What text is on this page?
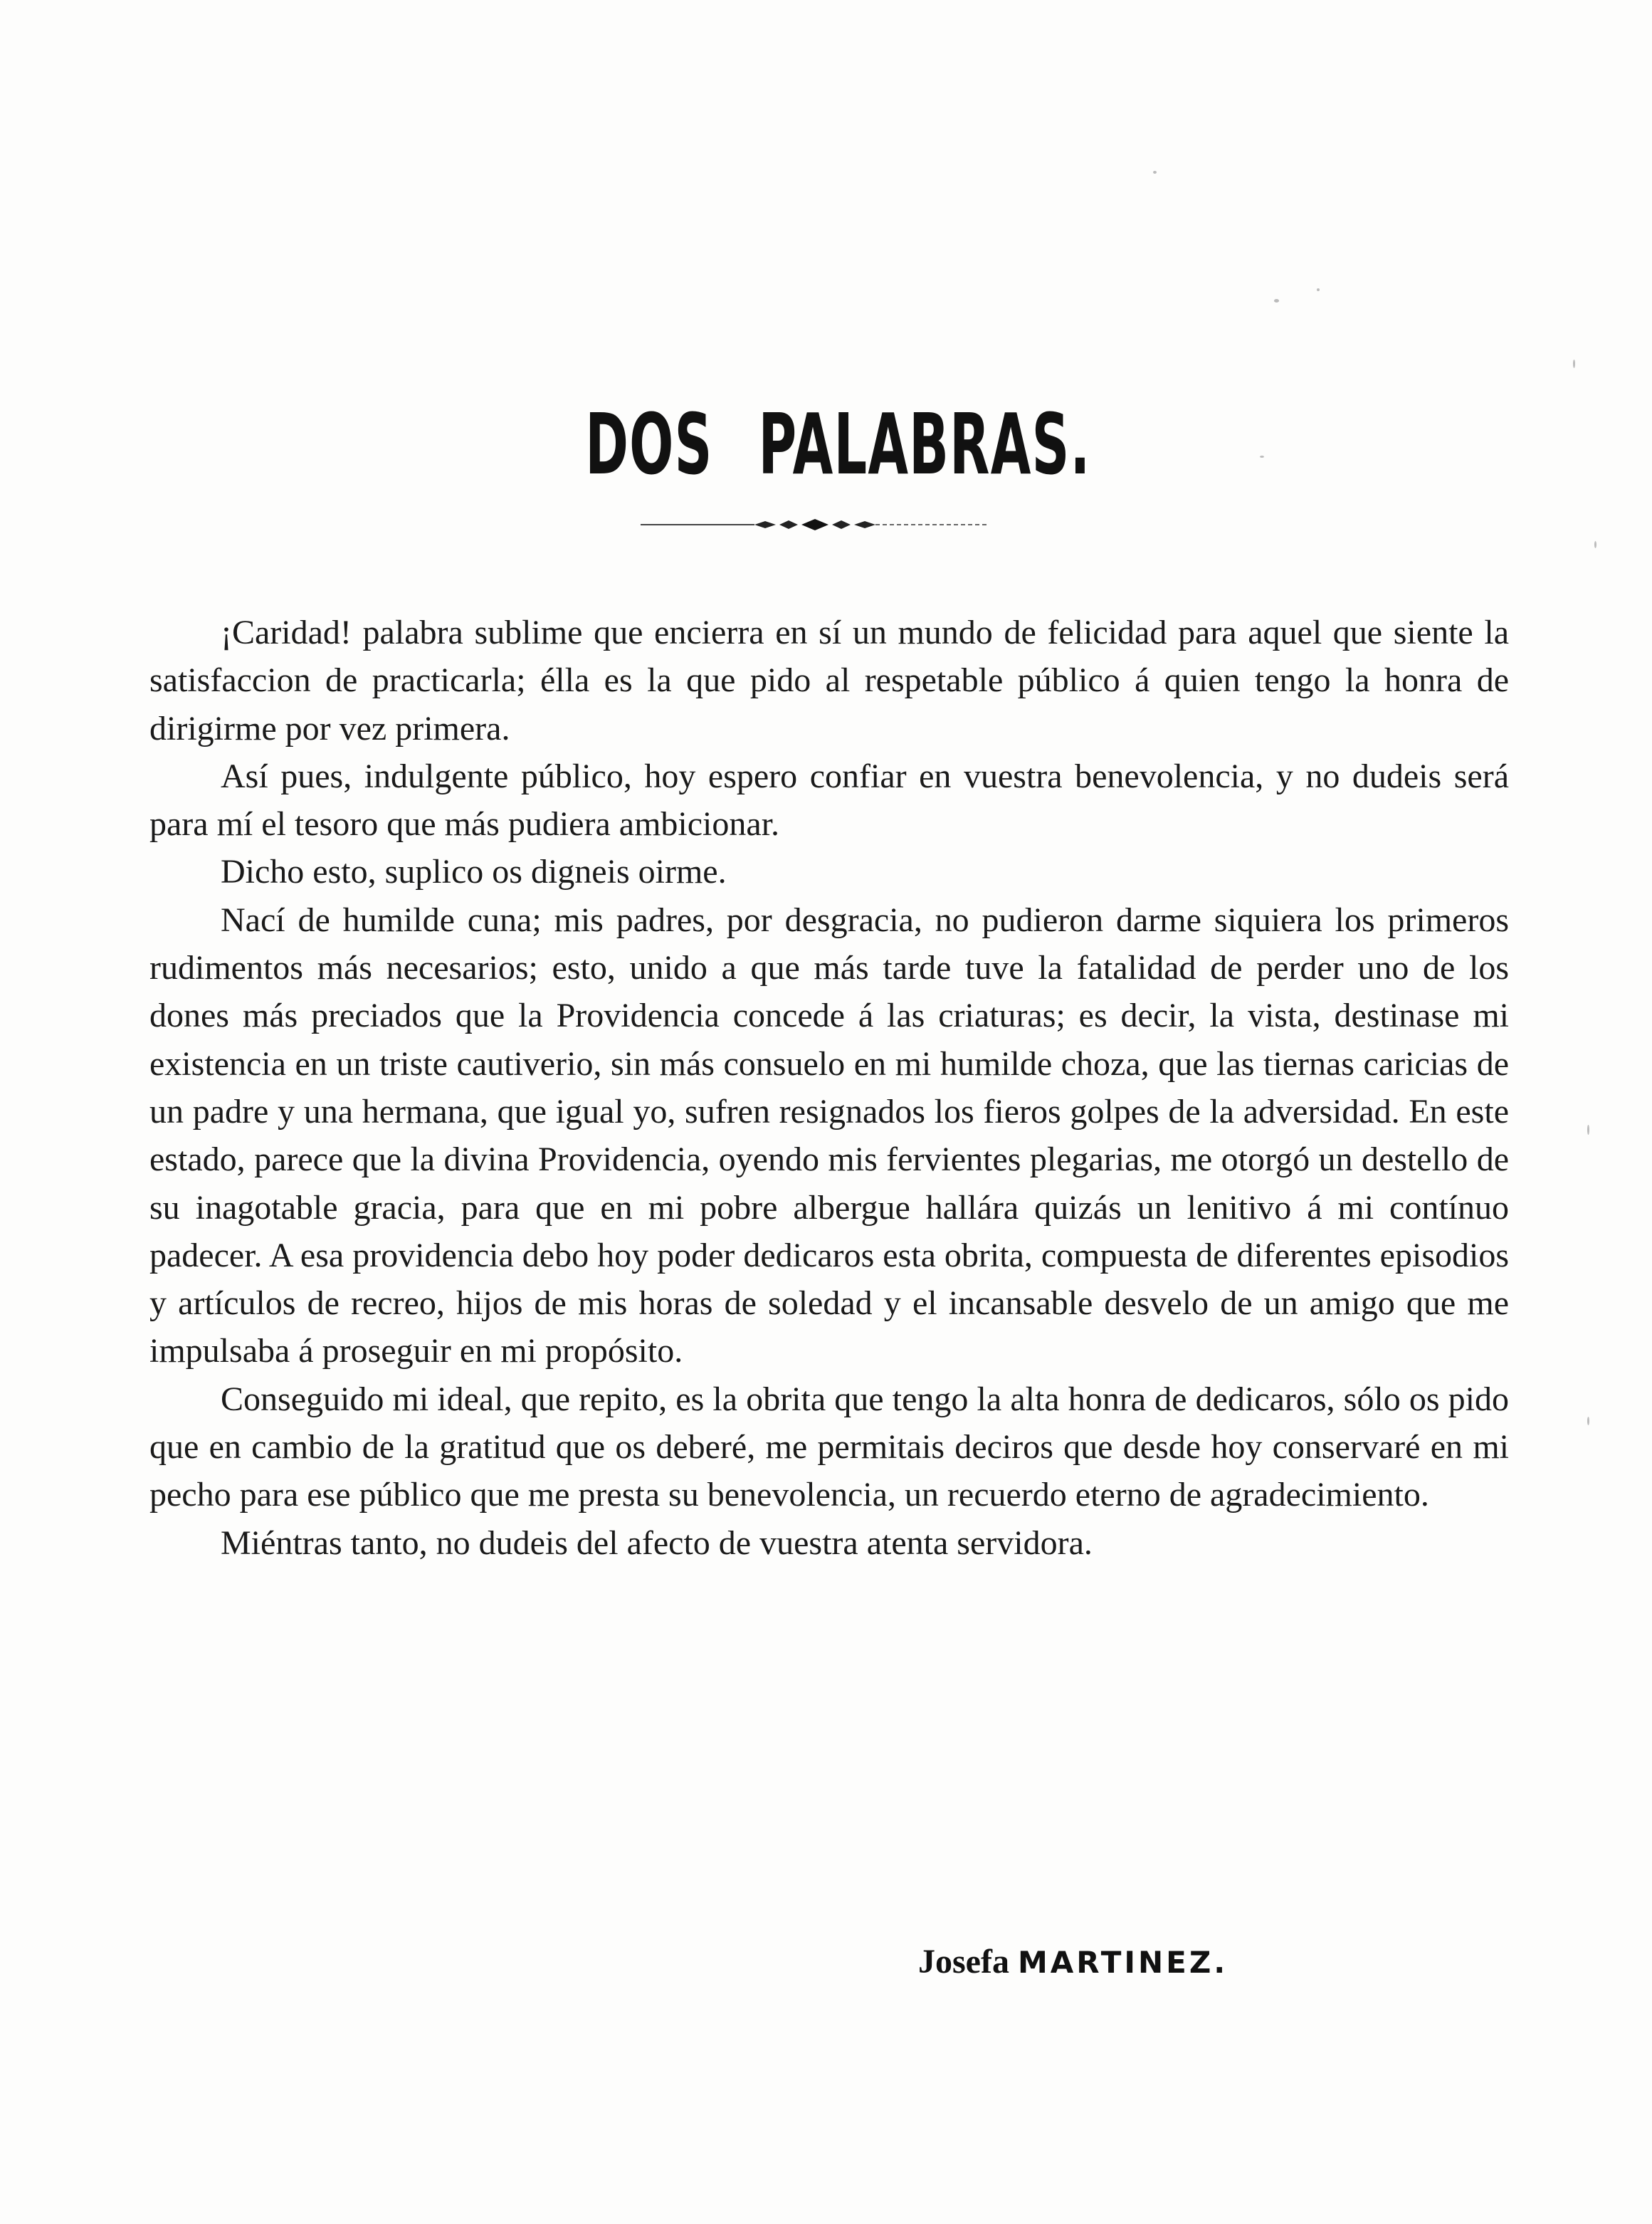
DOS PALABRAS.

¡Caridad! palabra sublime que encierra en sí un mundo de felicidad para aquel que siente la satisfaccion de practicarla; élla es la que pido al respetable público á quien tengo la honra de dirigirme por vez primera.

Así pues, indulgente público, hoy espero confiar en vuestra benevolencia, y no dudeis será para mí el tesoro que más pudiera ambicionar.

Dicho esto, suplico os digneis oirme.

Nací de humilde cuna; mis padres, por desgracia, no pudieron darme siquiera los primeros rudimentos más necesarios; esto, unido a que más tarde tuve la fatalidad de perder uno de los dones más preciados que la Providencia concede á las criaturas; es decir, la vista, destinase mi existencia en un triste cautiverio, sin más consuelo en mi humilde choza, que las tiernas caricias de un padre y una hermana, que igual yo, sufren resignados los fieros golpes de la adversidad. En este estado, parece que la divina Providencia, oyendo mis fervientes plegarias, me otorgó un destello de su inagotable gracia, para que en mi pobre albergue hallára quizás un lenitivo á mi contínuo padecer. A esa providencia debo hoy poder dedicaros esta obrita, compuesta de diferentes episodios y artículos de recreo, hijos de mis horas de soledad y el incansable desvelo de un amigo que me impulsaba á proseguir en mi propósito.

Conseguido mi ideal, que repito, es la obrita que tengo la alta honra de dedicaros, sólo os pido que en cambio de la gratitud que os deberé, me permitais deciros que desde hoy conservaré en mi pecho para ese público que me presta su benevolencia, un recuerdo eterno de agradecimiento.

Miéntras tanto, no dudeis del afecto de vuestra atenta servidora.

Josefa MARTINEZ.
